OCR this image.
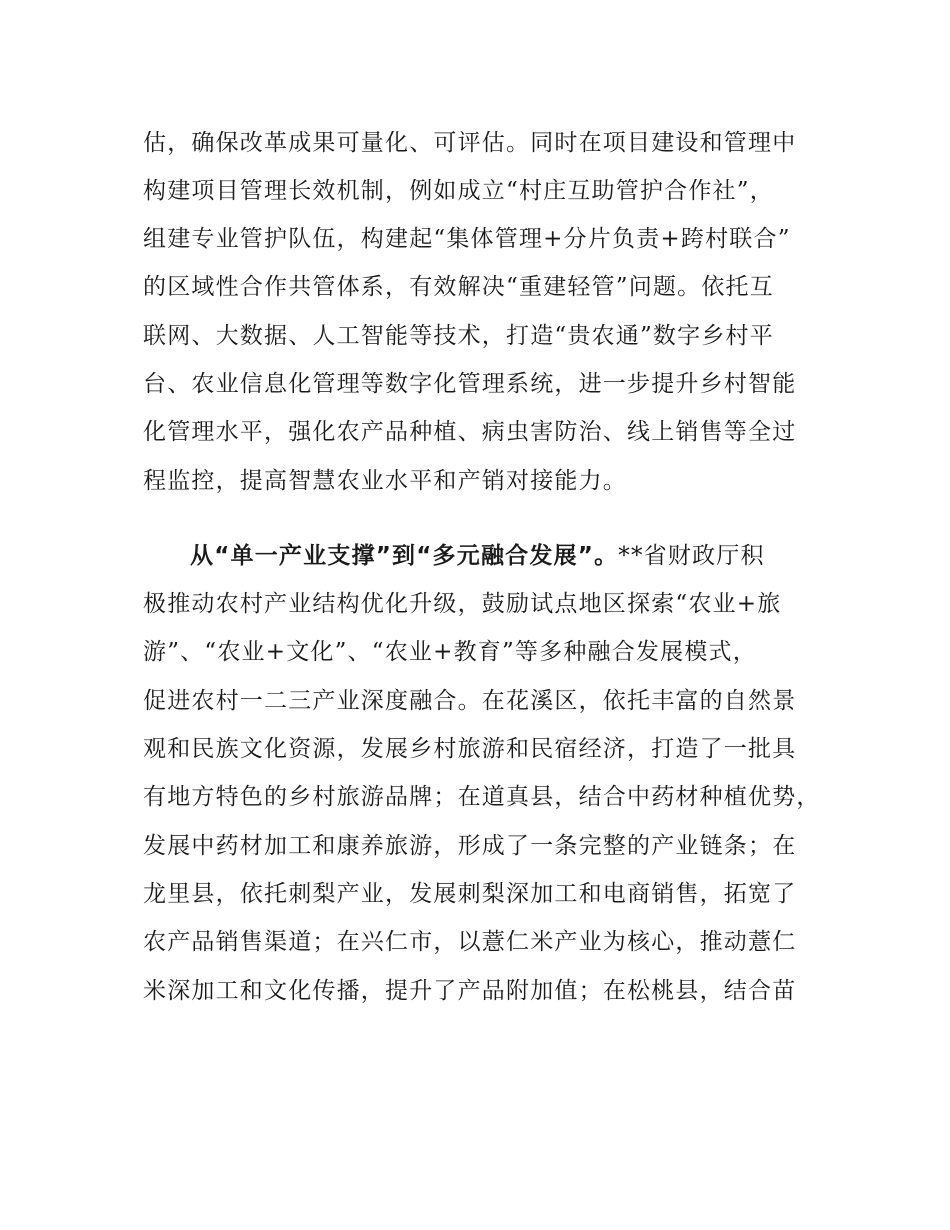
估，确保改革成果可量化、可评估。同时在项目建设和管理中
构建项目管理长效机制，例如成立“村庄互助管护合作社”，
组建专业管护队伍，构建起“集体管理+分片负责+跨村联合”
的区域性合作共管体系，有效解决“重建轻管”问题。依托互
联网、大数据、人工智能等技术，打造“贵农通”数字乡村平
台、农业信息化管理等数字化管理系统，进一步提升乡村智能
化管理水平，强化农产品种植、病虫害防治、线上销售等全过
程监控，提高智慧农业水平和产销对接能力。
从“单一产业支撑”到“多元融合发展”。**省财政厅积
极推动农村产业结构优化升级，鼓励试点地区探索“农业+旅
游”、“农业+文化”、“农业+教育”等多种融合发展模式，
促进农村一二三产业深度融合。在花溪区，依托丰富的自然景
观和民族文化资源，发展乡村旅游和民宿经济，打造了一批具
有地方特色的乡村旅游品牌；在道真县，结合中药材种植优势，
发展中药材加工和康养旅游，形成了一条完整的产业链条；在
龙里县，依托刺梨产业，发展刺梨深加工和电商销售，拓宽了
农产品销售渠道；在兴仁市，以薏仁米产业为核心，推动薏仁
米深加工和文化传播，提升了产品附加值；在松桃县，结合苗
